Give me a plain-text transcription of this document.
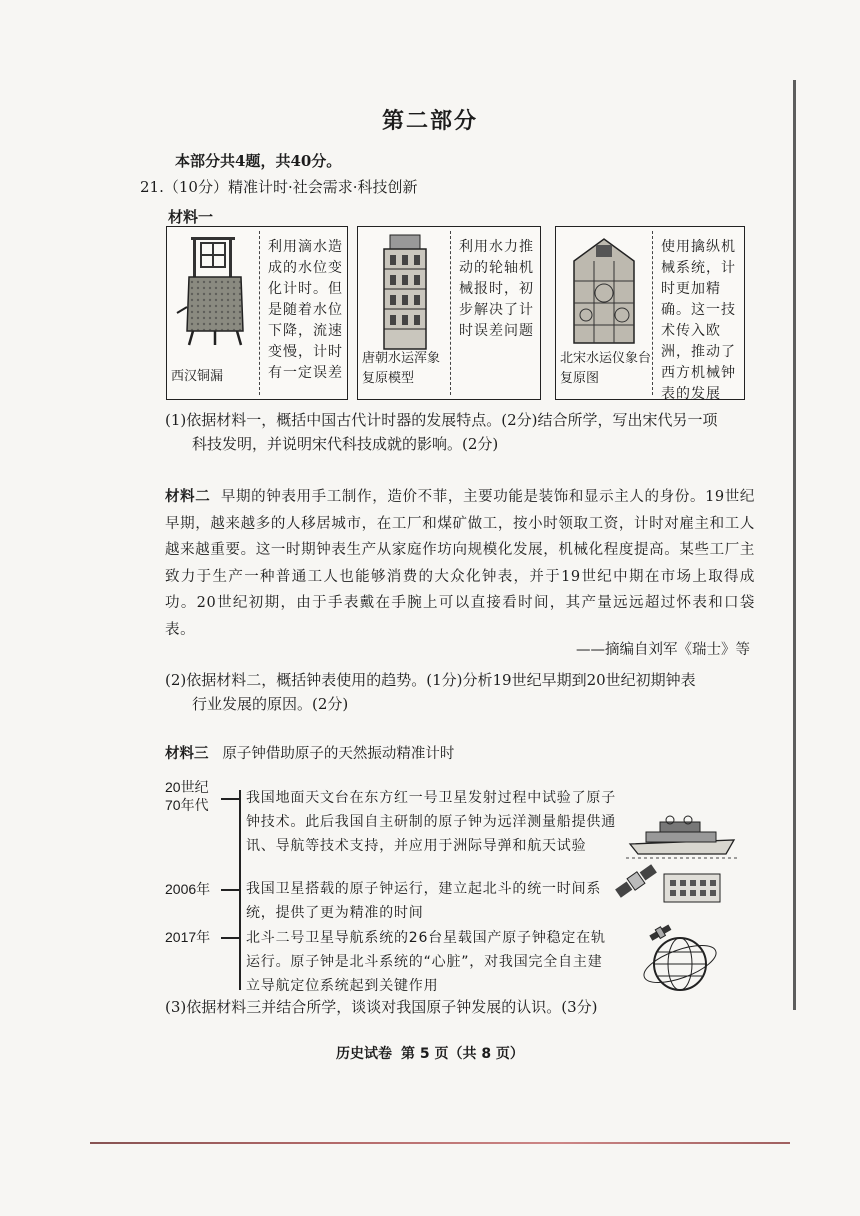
第二部分
本部分共4题，共40分。
21.（10分）精准计时·社会需求·科技创新
材料一
西汉铜漏
利用滴水造成的水位变化计时。但是随着水位下降，流速变慢，计时有一定误差
唐朝水运浑象复原模型
利用水力推动的轮轴机械报时，初步解决了计时误差问题
北宋水运仪象台复原图
使用擒纵机械系统，计时更加精确。这一技术传入欧洲，推动了西方机械钟表的发展
(1)依据材料一，概括中国古代计时器的发展特点。(2分)结合所学，写出宋代另一项
科技发明，并说明宋代科技成就的影响。(2分)
材料二 早期的钟表用手工制作，造价不菲，主要功能是装饰和显示主人的身份。19世纪早期，越来越多的人移居城市，在工厂和煤矿做工，按小时领取工资，计时对雇主和工人越来越重要。这一时期钟表生产从家庭作坊向规模化发展，机械化程度提高。某些工厂主致力于生产一种普通工人也能够消费的大众化钟表，并于19世纪中期在市场上取得成功。20世纪初期，由于手表戴在手腕上可以直接看时间，其产量远远超过怀表和口袋表。
——摘编自刘军《瑞士》等
(2)依据材料二，概括钟表使用的趋势。(1分)分析19世纪早期到20世纪初期钟表
行业发展的原因。(2分)
材料三 原子钟借助原子的天然振动精准计时
20世纪
70年代	我国地面天文台在东方红一号卫星发射过程中试验了原子钟技术。此后我国自主研制的原子钟为远洋测量船提供通讯、导航等技术支持，并应用于洲际导弹和航天试验
2006年	我国卫星搭载的原子钟运行，建立起北斗的统一时间系统，提供了更为精准的时间
2017年	北斗二号卫星导航系统的26台星载国产原子钟稳定在轨运行。原子钟是北斗系统的“心脏”，对我国完全自主建立导航定位系统起到关键作用
(3)依据材料三并结合所学，谈谈对我国原子钟发展的认识。(3分)
历史试卷 第 5 页（共 8 页）
